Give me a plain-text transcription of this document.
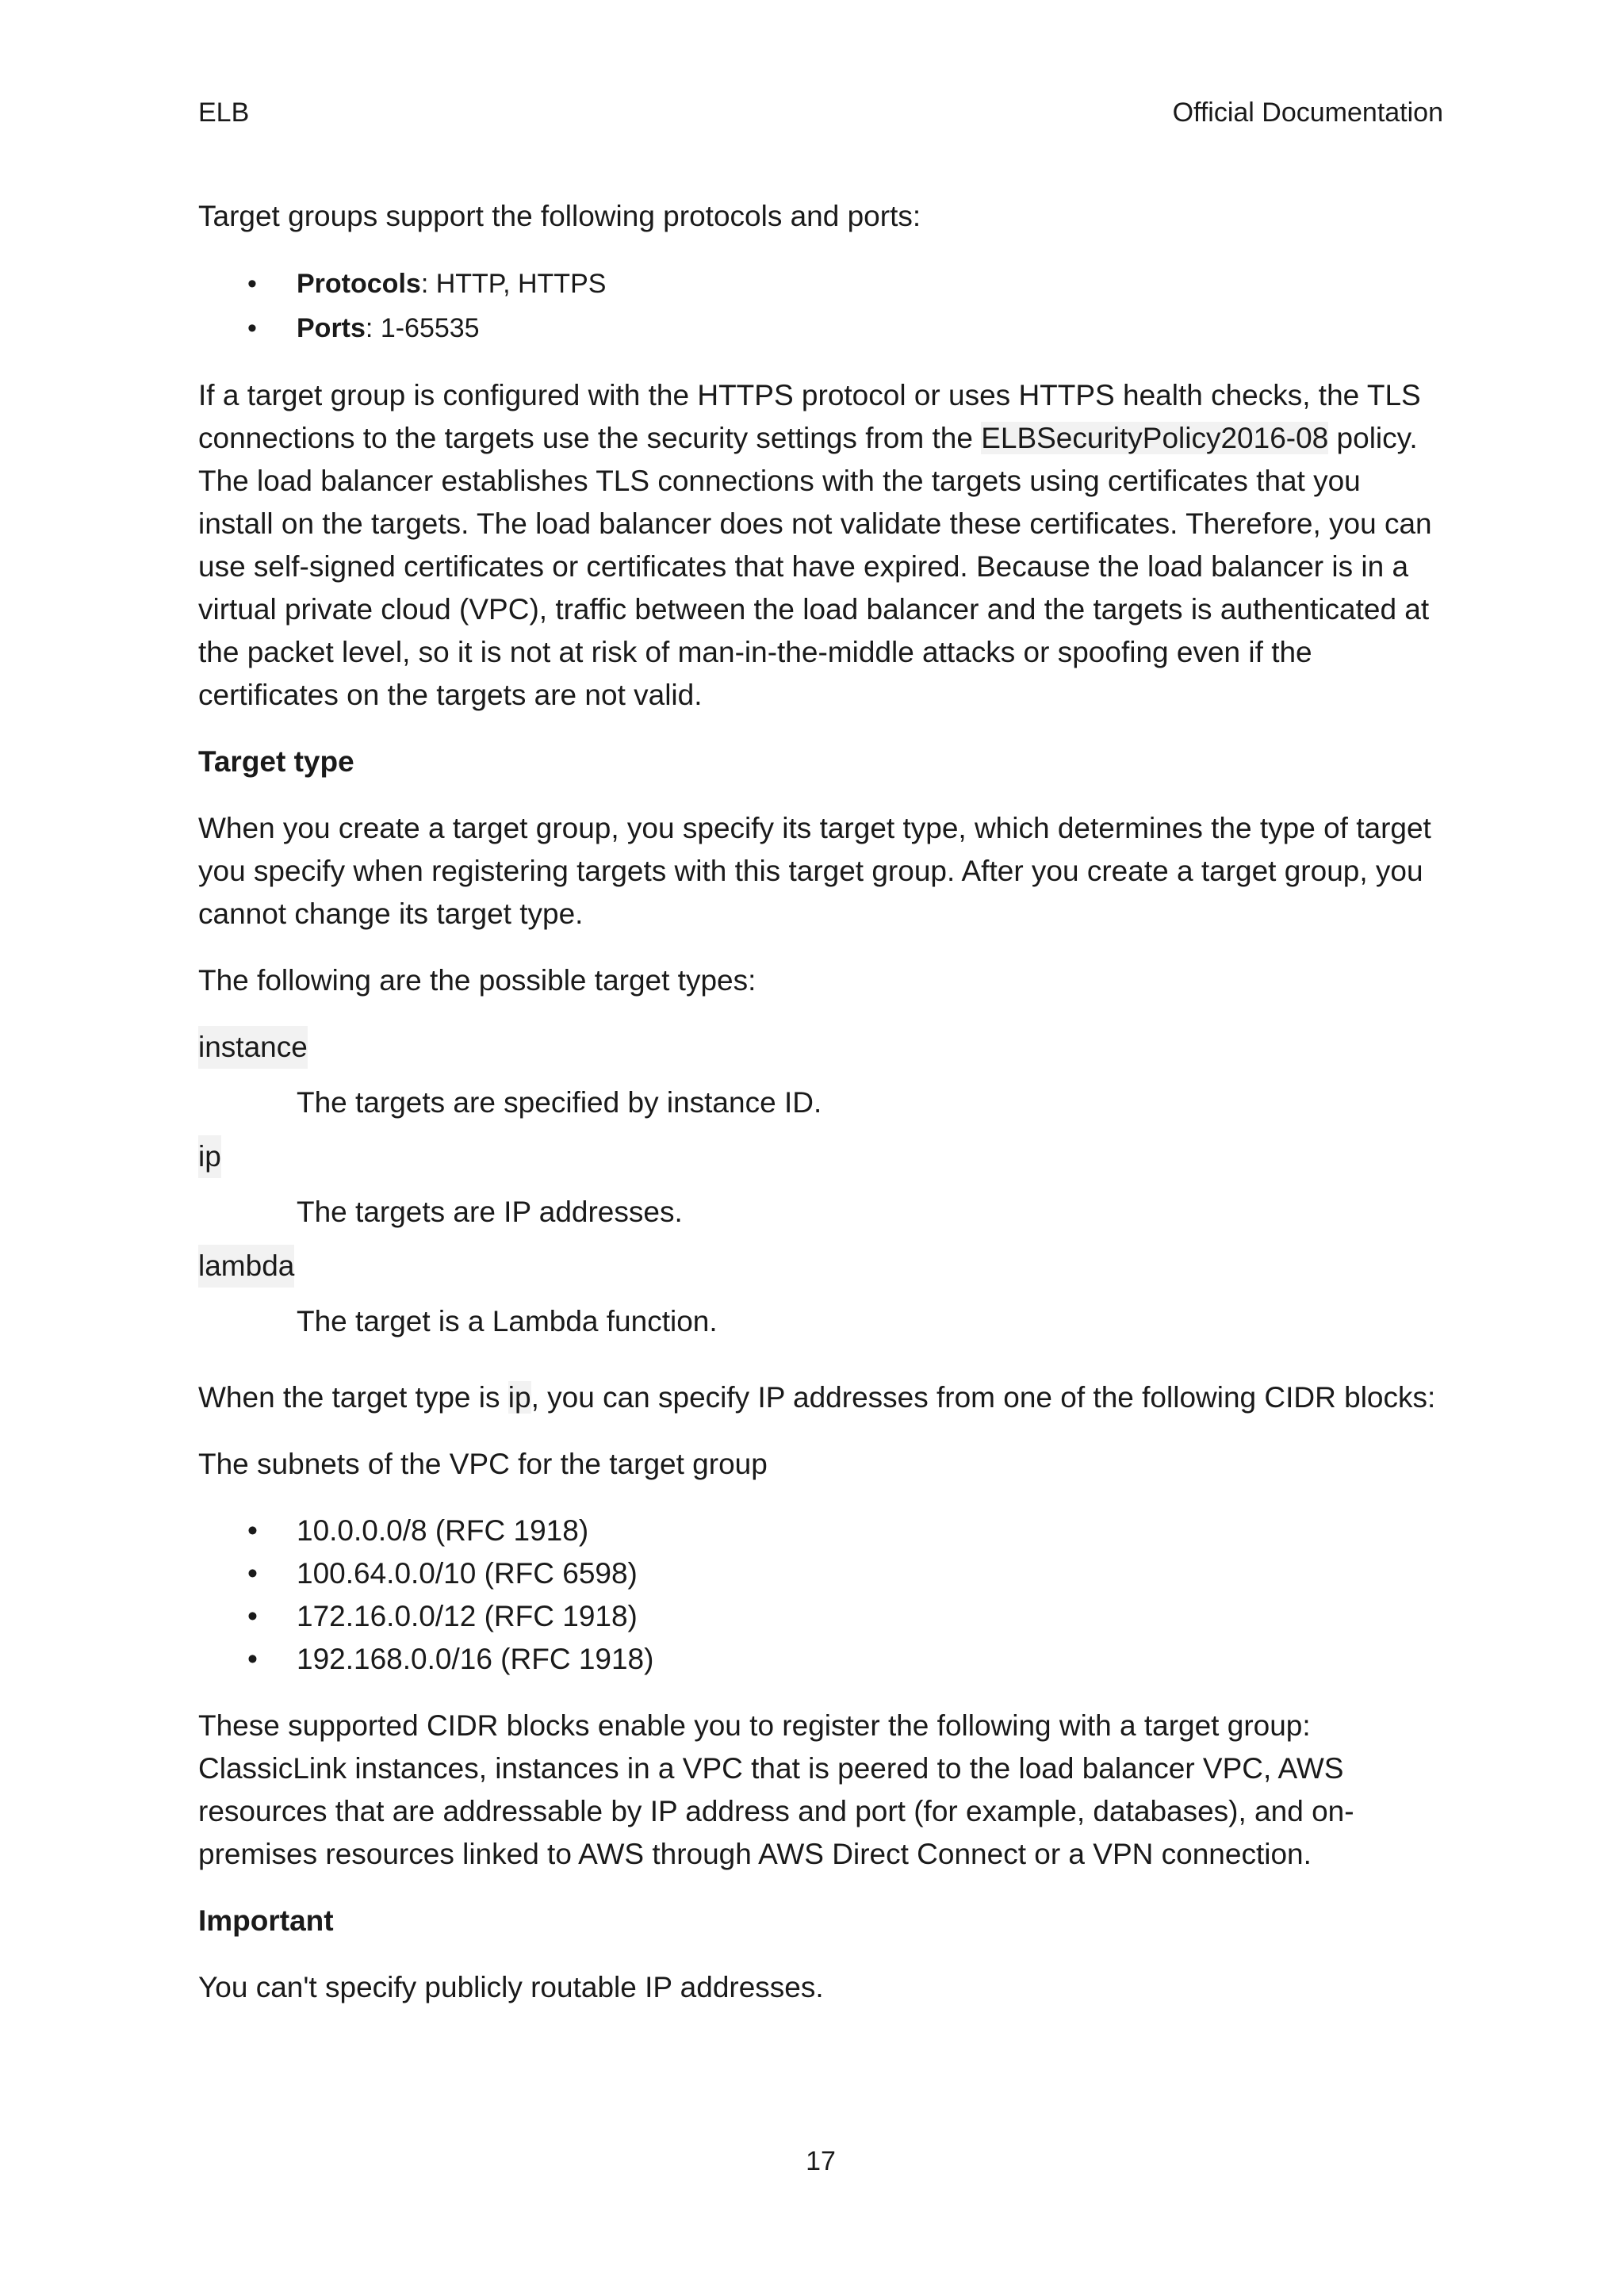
ELB	Official Documentation

Target groups support the following protocols and ports:

• Protocols: HTTP, HTTPS
• Ports: 1-65535

If a target group is configured with the HTTPS protocol or uses HTTPS health checks, the TLS connections to the targets use the security settings from the ELBSecurityPolicy2016-08 policy. The load balancer establishes TLS connections with the targets using certificates that you install on the targets. The load balancer does not validate these certificates. Therefore, you can use self-signed certificates or certificates that have expired. Because the load balancer is in a virtual private cloud (VPC), traffic between the load balancer and the targets is authenticated at the packet level, so it is not at risk of man-in-the-middle attacks or spoofing even if the certificates on the targets are not valid.

Target type

When you create a target group, you specify its target type, which determines the type of target you specify when registering targets with this target group. After you create a target group, you cannot change its target type.

The following are the possible target types:

instance
The targets are specified by instance ID.
ip
The targets are IP addresses.
lambda
The target is a Lambda function.

When the target type is ip, you can specify IP addresses from one of the following CIDR blocks:

The subnets of the VPC for the target group

• 10.0.0.0/8 (RFC 1918)
• 100.64.0.0/10 (RFC 6598)
• 172.16.0.0/12 (RFC 1918)
• 192.168.0.0/16 (RFC 1918)

These supported CIDR blocks enable you to register the following with a target group: ClassicLink instances, instances in a VPC that is peered to the load balancer VPC, AWS resources that are addressable by IP address and port (for example, databases), and on-premises resources linked to AWS through AWS Direct Connect or a VPN connection.

Important

You can't specify publicly routable IP addresses.

17
